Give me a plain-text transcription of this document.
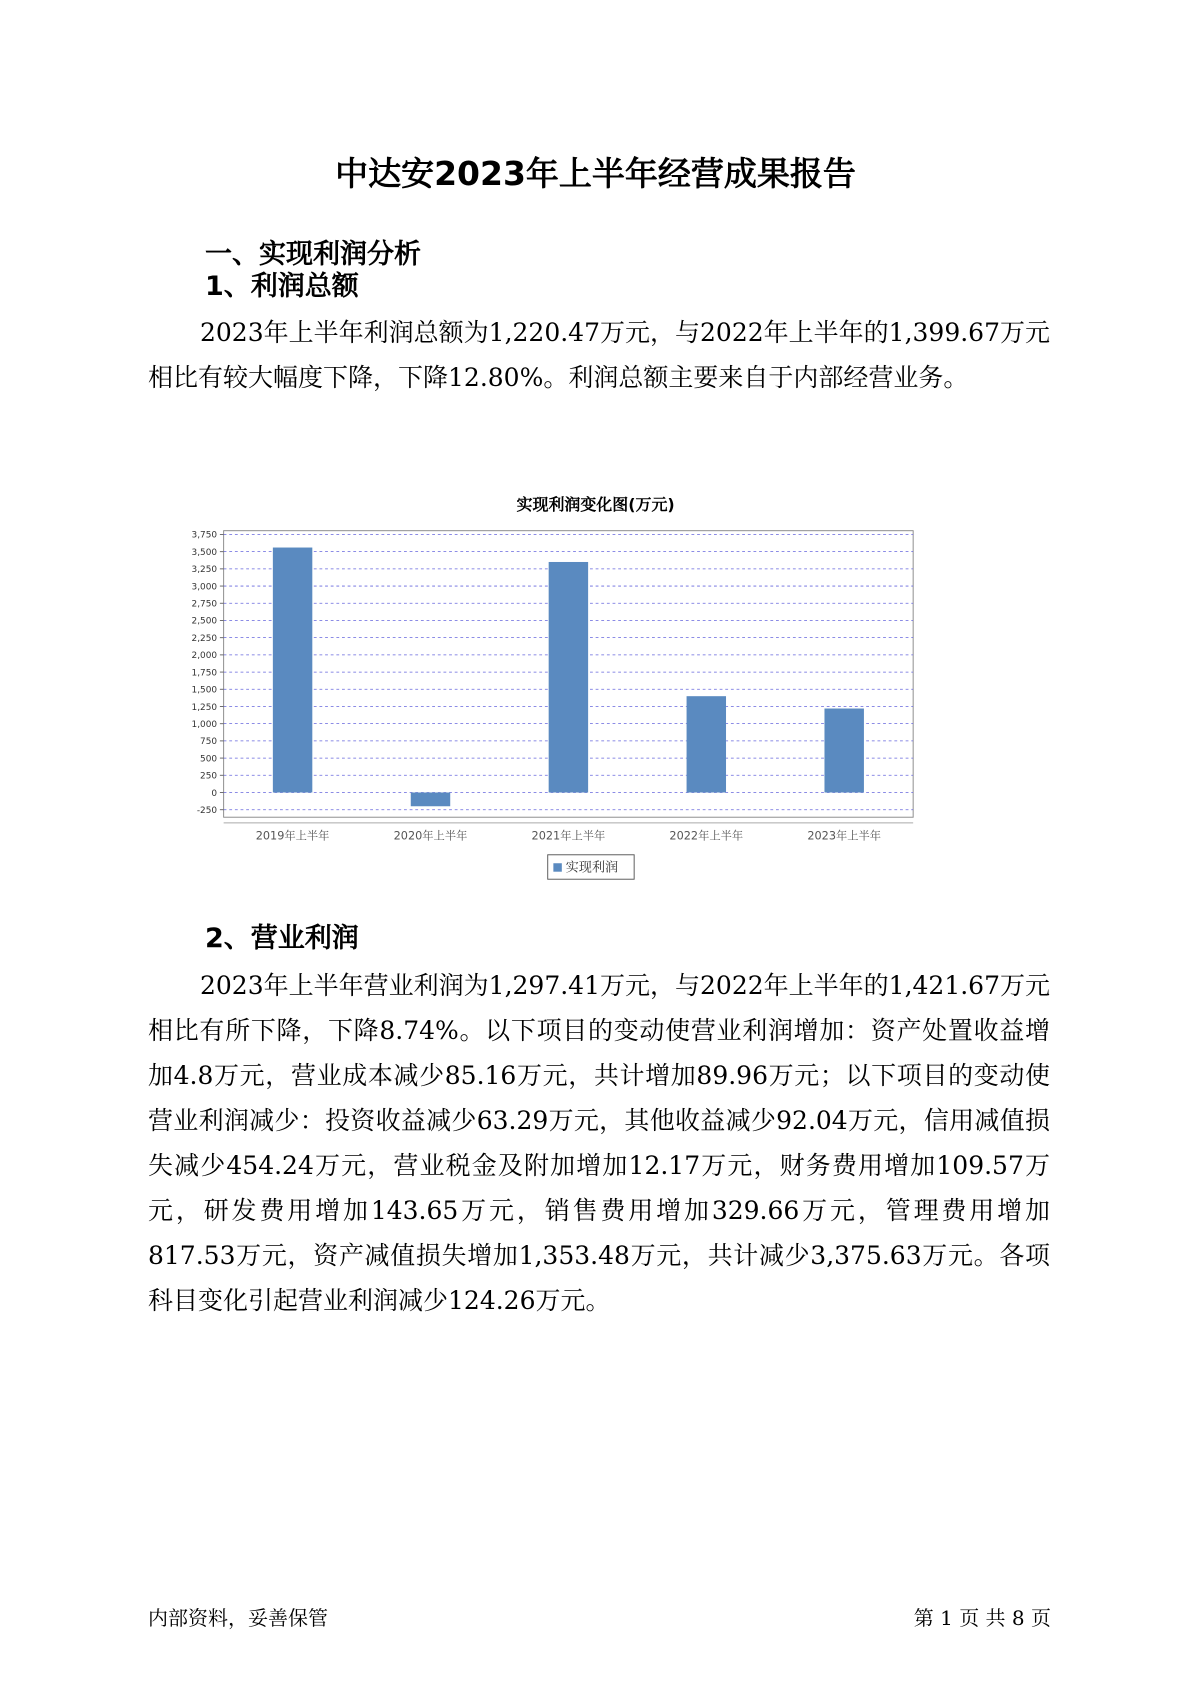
中达安2023年上半年经营成果报告
一、实现利润分析
1、利润总额

2023年上半年利润总额为1,220.47万元，与2022年上半年的1,399.67万元相比有较大幅度下降，下降12.80%。利润总额主要来自于内部经营业务。

实现利润变化图(万元)
3,750
3,500
3,250
3,000
2,750
2,500
2,250
2,000
1,750
1,500
1,250
1,000
750
500
250
0
-250
2019年上半年	2020年上半年	2021年上半年	2022年上半年	2023年上半年
实现利润
2、营业利润

2023年上半年营业利润为1,297.41万元，与2022年上半年的1,421.67万元相比有所下降，下降8.74%。以下项目的变动使营业利润增加：资产处置收益增加4.8万元，营业成本减少85.16万元，共计增加89.96万元；以下项目的变动使营业利润减少：投资收益减少63.29万元，其他收益减少92.04万元，信用减值损失减少454.24万元，营业税金及附加增加12.17万元，财务费用增加109.57万元，研发费用增加143.65万元，销售费用增加329.66万元，管理费用增加817.53万元，资产减值损失增加1,353.48万元，共计减少3,375.63万元。各项科目变化引起营业利润减少124.26万元。

内部资料，妥善保管	第 1 页 共 8 页
